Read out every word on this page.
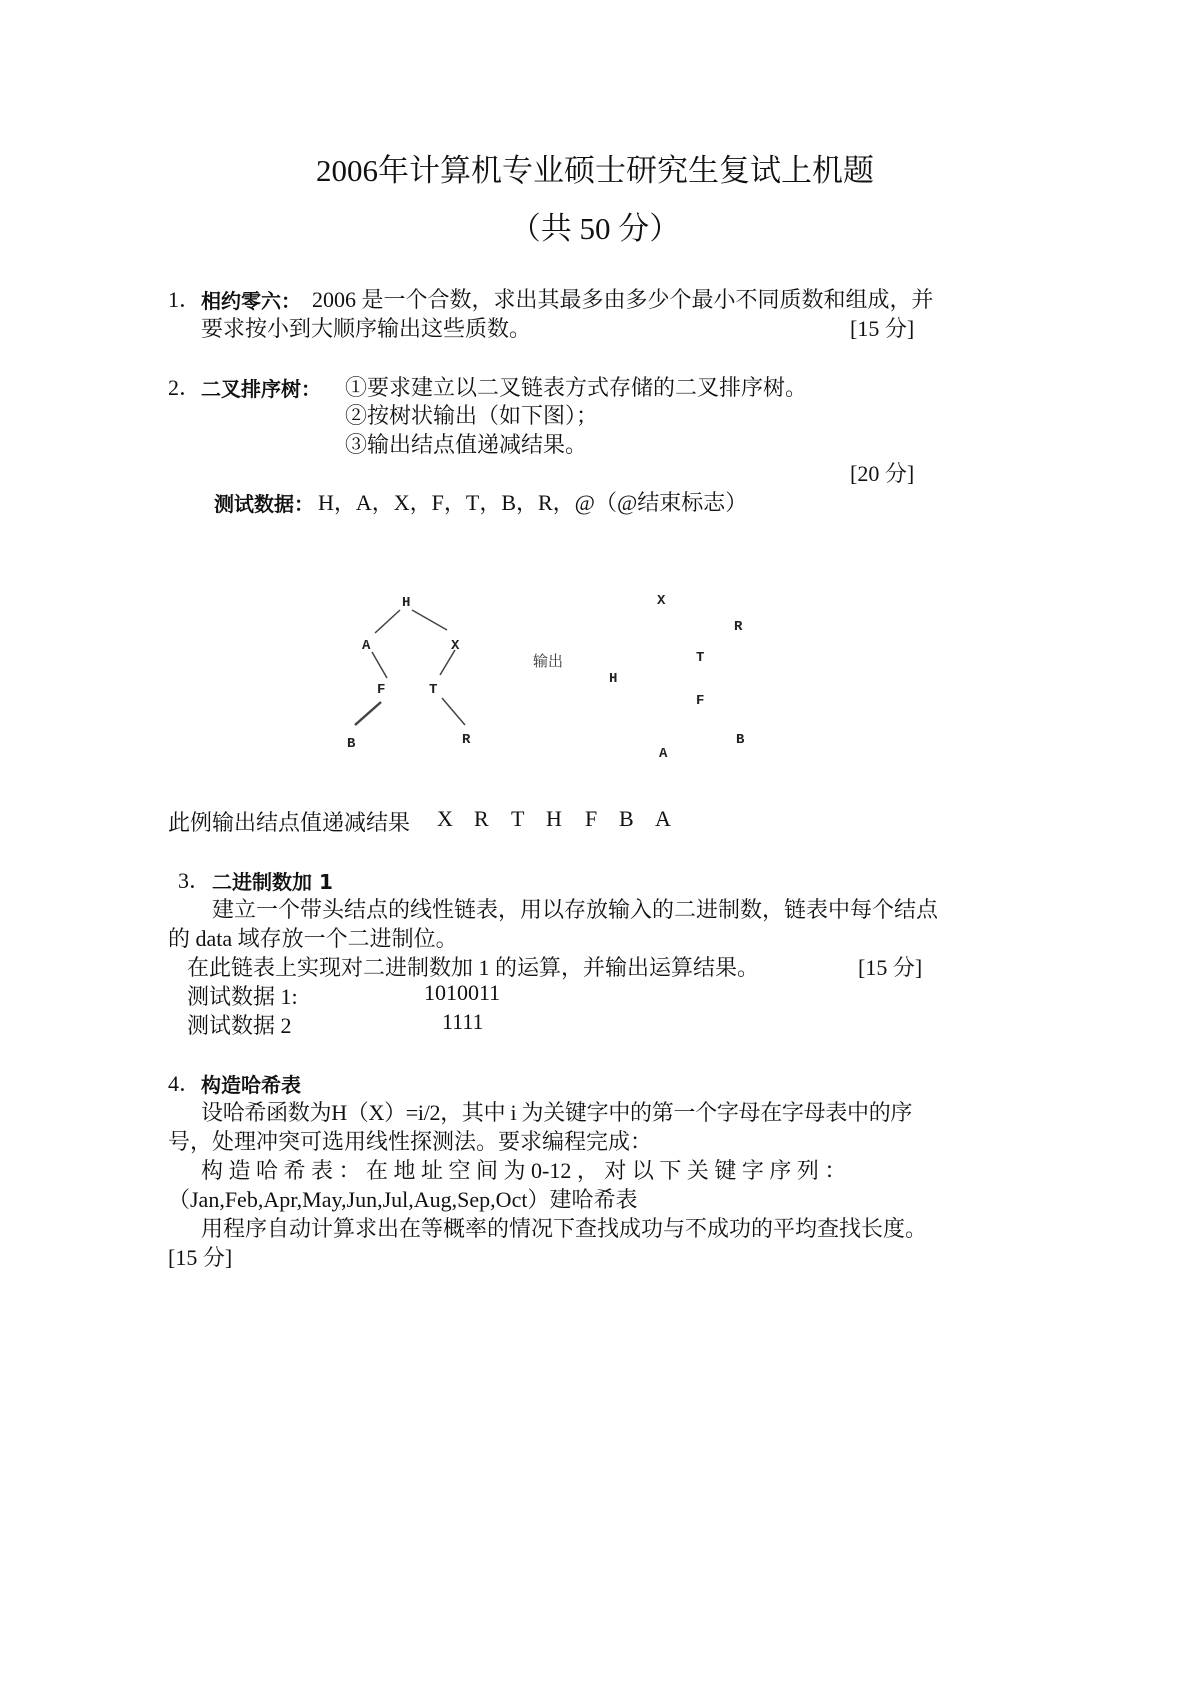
2006年计算机专业硕士研究生复试上机题
（共 50 分）
1． 相约零六： 2006 是一个合数，求出其最多由多少个最小不同质数和组成，并
要求按小到大顺序输出这些质数。	[15 分]
2． 二叉排序树： ①要求建立以二叉链表方式存储的二叉排序树。
②按树状输出（如下图）；
③输出结点值递减结果。
[20 分]
测试数据： H，A，X，F，T，B，R，@（@结束标志）
H
A	X
F	T
B	R
输出
X
R
T
H
F
B
A
此例输出结点值递减结果 X R T H F B A
3． 二进制数加 1
建立一个带头结点的线性链表，用以存放输入的二进制数，链表中每个结点
的 data 域存放一个二进制位。
在此链表上实现对二进制数加 1 的运算，并输出运算结果。	[15 分]
测试数据 1:	1010011
测试数据 2	1111
4． 构造哈希表
设哈希函数为H（X）=i/2，其中 i 为关键字中的第一个字母在字母表中的序
号，处理冲突可选用线性探测法。要求编程完成：
构 造 哈 希 表 ： 在 地 址 空 间 为 0-12 ， 对 以 下 关 键 字 序 列 ：
（Jan,Feb,Apr,May,Jun,Jul,Aug,Sep,Oct）建哈希表
用程序自动计算求出在等概率的情况下查找成功与不成功的平均查找长度。
[15 分]
